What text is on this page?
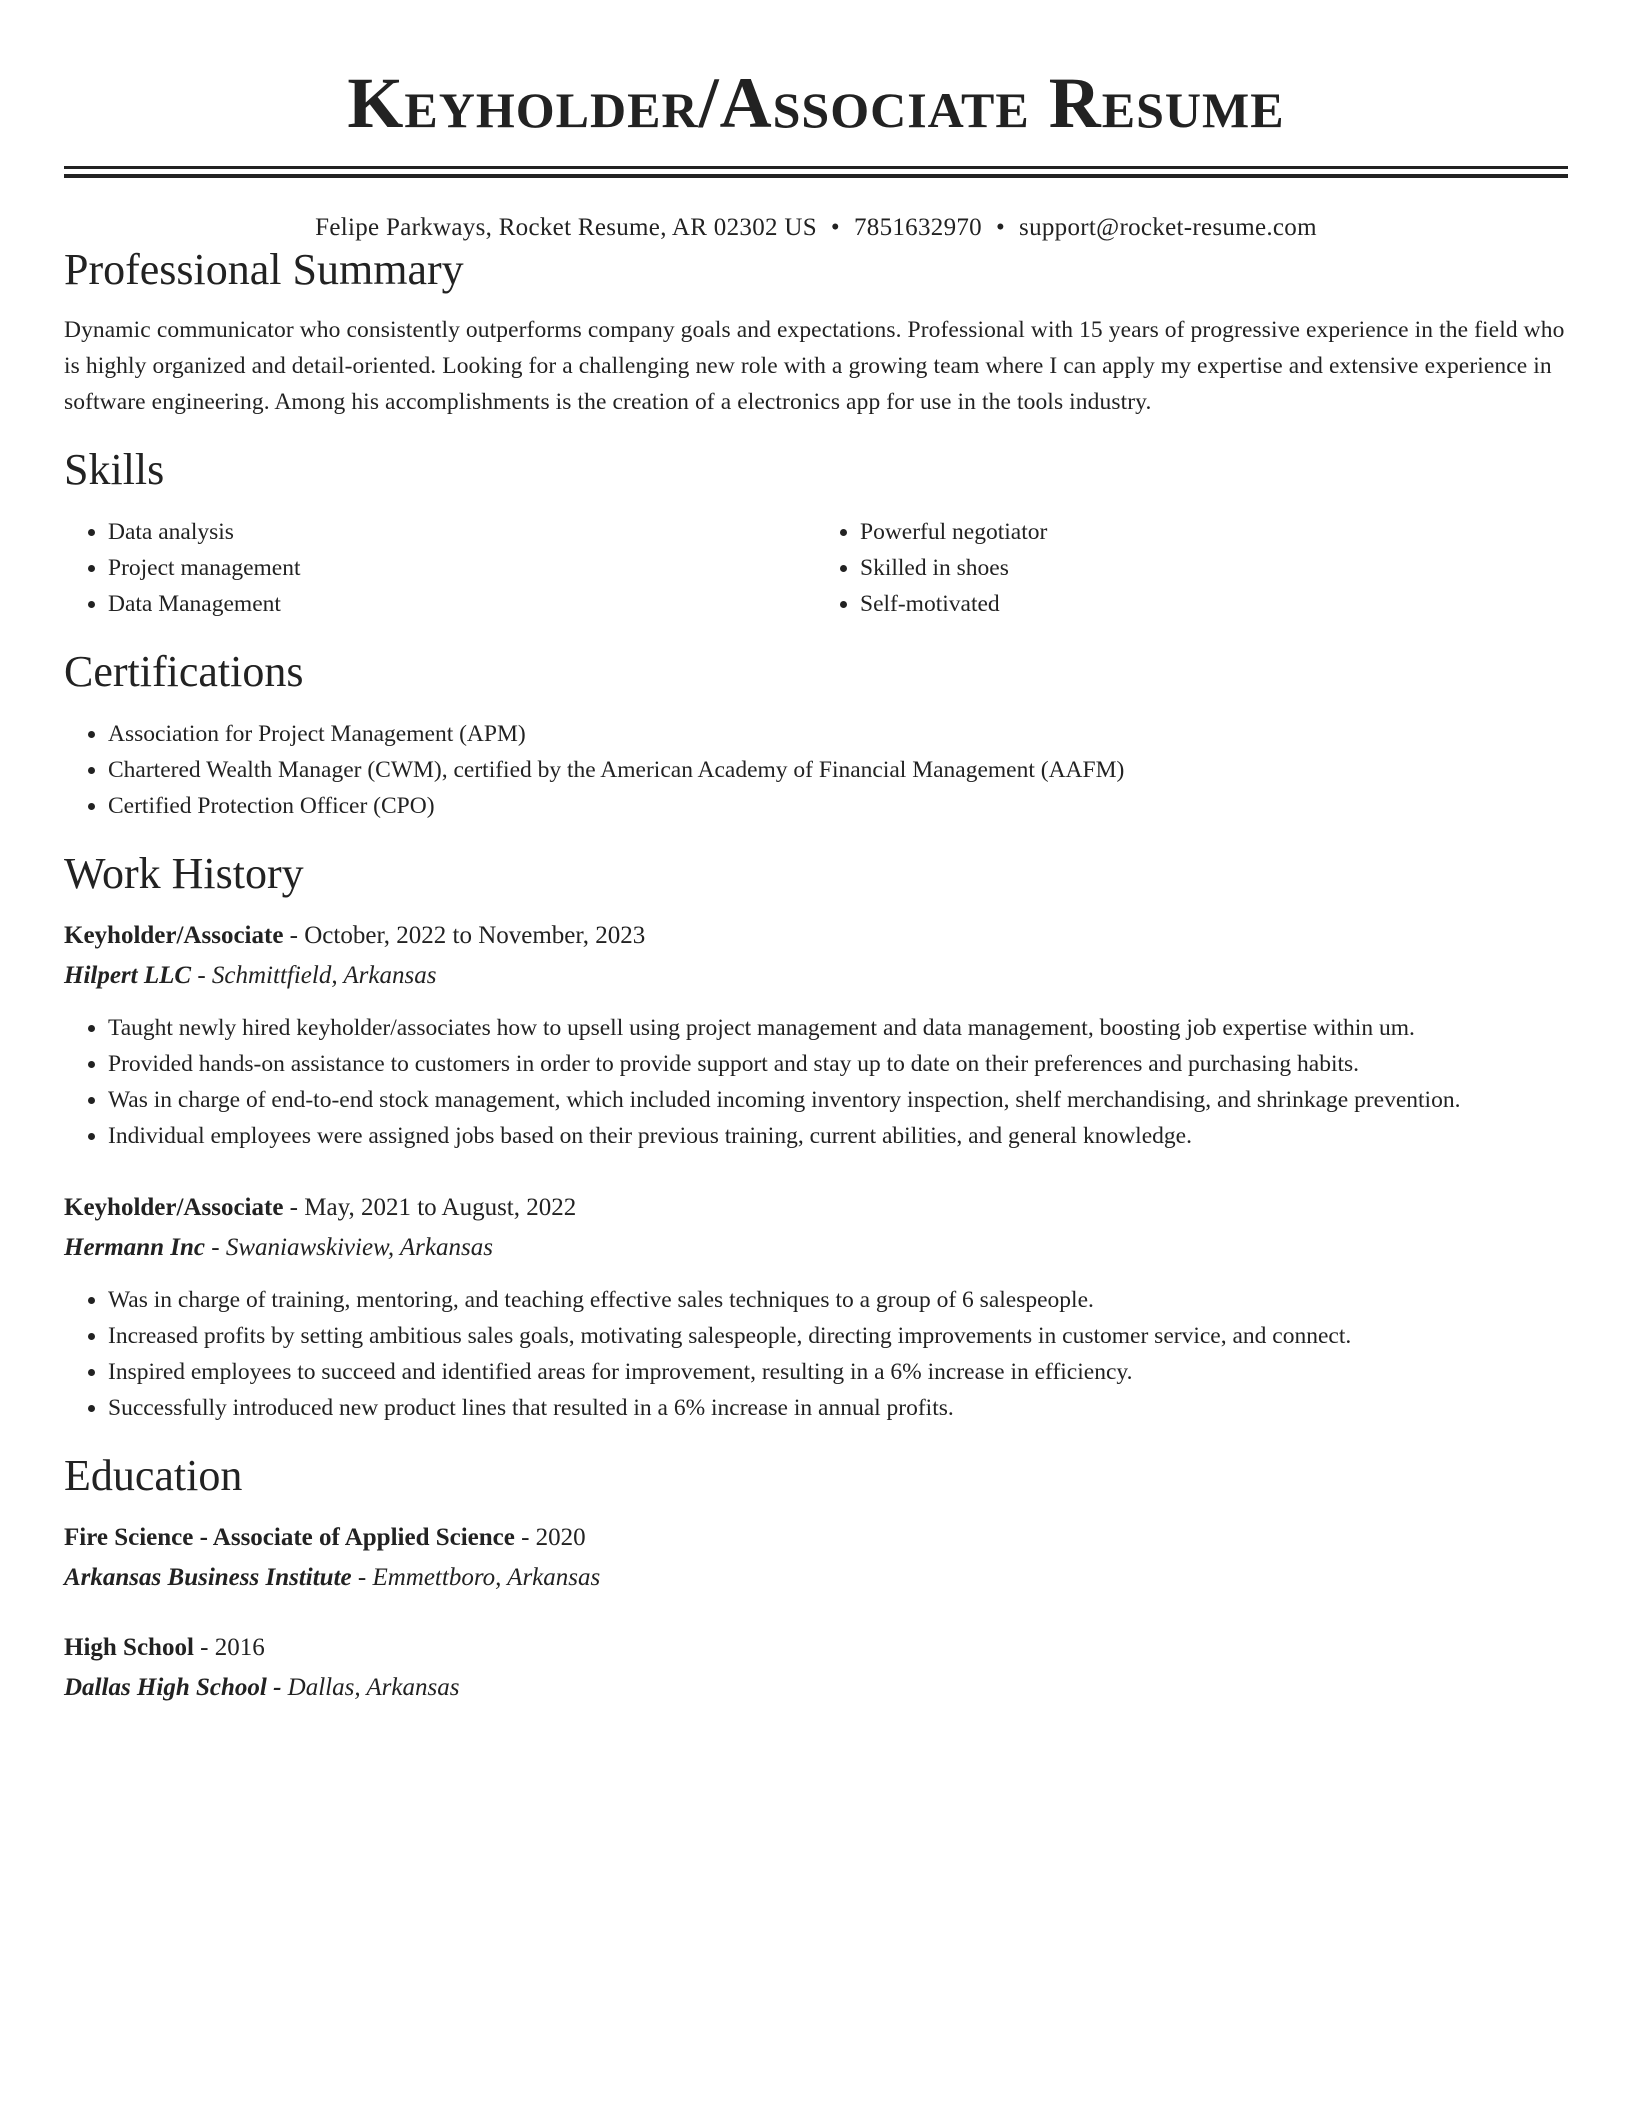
Keyholder/Associate Resume
Felipe Parkways, Rocket Resume, AR 02302 US • 7851632970 • support@rocket-resume.com
Professional Summary

Dynamic communicator who consistently outperforms company goals and expectations. Professional with 15 years of progressive experience in the field who is highly organized and detail-oriented. Looking for a challenging new role with a growing team where I can apply my expertise and extensive experience in software engineering. Among his accomplishments is the creation of a electronics app for use in the tools industry.

Skills
• Data analysis
• Project management
• Data Management
• Powerful negotiator
• Skilled in shoes
• Self-motivated
Certifications
• Association for Project Management (APM)
• Chartered Wealth Manager (CWM), certified by the American Academy of Financial Management (AAFM)
• Certified Protection Officer (CPO)
Work History
Keyholder/Associate - October, 2022 to November, 2023
Hilpert LLC - Schmittfield, Arkansas
• Taught newly hired keyholder/associates how to upsell using project management and data management, boosting job expertise within um.
• Provided hands-on assistance to customers in order to provide support and stay up to date on their preferences and purchasing habits.
• Was in charge of end-to-end stock management, which included incoming inventory inspection, shelf merchandising, and shrinkage prevention.
• Individual employees were assigned jobs based on their previous training, current abilities, and general knowledge.
Keyholder/Associate - May, 2021 to August, 2022
Hermann Inc - Swaniawskiview, Arkansas
• Was in charge of training, mentoring, and teaching effective sales techniques to a group of 6 salespeople.
• Increased profits by setting ambitious sales goals, motivating salespeople, directing improvements in customer service, and connect.
• Inspired employees to succeed and identified areas for improvement, resulting in a 6% increase in efficiency.
• Successfully introduced new product lines that resulted in a 6% increase in annual profits.
Education
Fire Science - Associate of Applied Science - 2020
Arkansas Business Institute - Emmettboro, Arkansas
High School - 2016
Dallas High School - Dallas, Arkansas
